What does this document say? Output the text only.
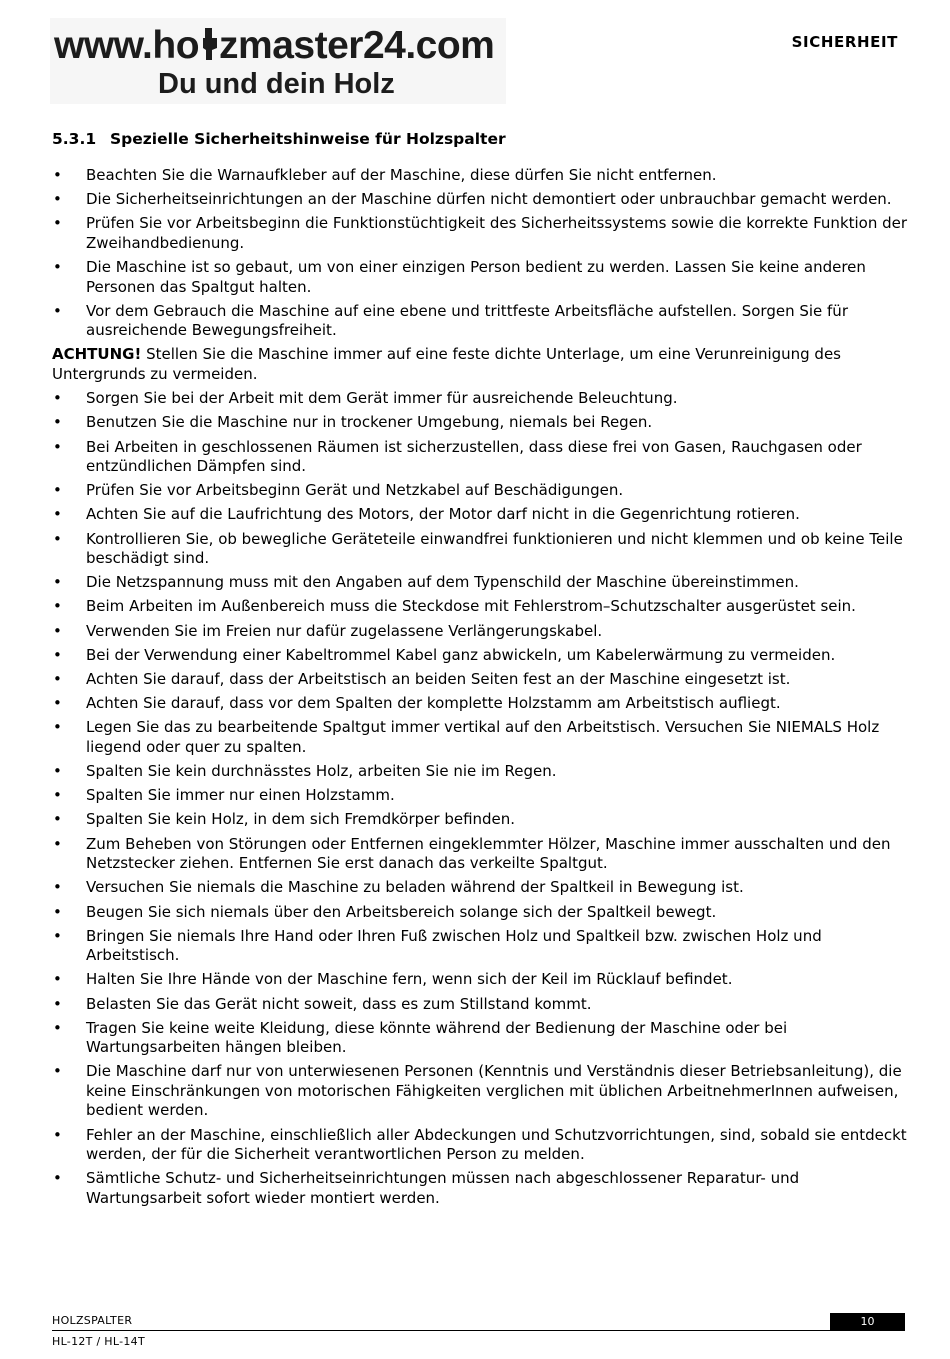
www.ho zmaster24.com
Du und dein Holz
SICHERHEIT
5.3.1 Spezielle Sicherheitshinweise für Holzspalter
• Beachten Sie die Warnaufkleber auf der Maschine, diese dürfen Sie nicht entfernen.
• Die Sicherheitseinrichtungen an der Maschine dürfen nicht demontiert oder unbrauchbar gemacht werden.
• Prüfen Sie vor Arbeitsbeginn die Funktionstüchtigkeit des Sicherheitssystems sowie die korrekte Funktion der Zweihandbedienung.
• Die Maschine ist so gebaut, um von einer einzigen Person bedient zu werden. Lassen Sie keine anderen Personen das Spaltgut halten.
• Vor dem Gebrauch die Maschine auf eine ebene und trittfeste Arbeitsfläche aufstellen. Sorgen Sie für ausreichende Bewegungsfreiheit.

ACHTUNG! Stellen Sie die Maschine immer auf eine feste dichte Unterlage, um eine Verunreinigung des Untergrunds zu vermeiden.

• Sorgen Sie bei der Arbeit mit dem Gerät immer für ausreichende Beleuchtung.
• Benutzen Sie die Maschine nur in trockener Umgebung, niemals bei Regen.
• Bei Arbeiten in geschlossenen Räumen ist sicherzustellen, dass diese frei von Gasen, Rauchgasen oder entzündlichen Dämpfen sind.
• Prüfen Sie vor Arbeitsbeginn Gerät und Netzkabel auf Beschädigungen.
• Achten Sie auf die Laufrichtung des Motors, der Motor darf nicht in die Gegenrichtung rotieren.
• Kontrollieren Sie, ob bewegliche Geräteteile einwandfrei funktionieren und nicht klemmen und ob keine Teile beschädigt sind.
• Die Netzspannung muss mit den Angaben auf dem Typenschild der Maschine übereinstimmen.
• Beim Arbeiten im Außenbereich muss die Steckdose mit Fehlerstrom–Schutzschalter ausgerüstet sein.
• Verwenden Sie im Freien nur dafür zugelassene Verlängerungskabel.
• Bei der Verwendung einer Kabeltrommel Kabel ganz abwickeln, um Kabelerwärmung zu vermeiden.
• Achten Sie darauf, dass der Arbeitstisch an beiden Seiten fest an der Maschine eingesetzt ist.
• Achten Sie darauf, dass vor dem Spalten der komplette Holzstamm am Arbeitstisch aufliegt.
• Legen Sie das zu bearbeitende Spaltgut immer vertikal auf den Arbeitstisch. Versuchen Sie NIEMALS Holz liegend oder quer zu spalten.
• Spalten Sie kein durchnässtes Holz, arbeiten Sie nie im Regen.
• Spalten Sie immer nur einen Holzstamm.
• Spalten Sie kein Holz, in dem sich Fremdkörper befinden.
• Zum Beheben von Störungen oder Entfernen eingeklemmter Hölzer, Maschine immer ausschalten und den Netzstecker ziehen. Entfernen Sie erst danach das verkeilte Spaltgut.
• Versuchen Sie niemals die Maschine zu beladen während der Spaltkeil in Bewegung ist.
• Beugen Sie sich niemals über den Arbeitsbereich solange sich der Spaltkeil bewegt.
• Bringen Sie niemals Ihre Hand oder Ihren Fuß zwischen Holz und Spaltkeil bzw. zwischen Holz und Arbeitstisch.
• Halten Sie Ihre Hände von der Maschine fern, wenn sich der Keil im Rücklauf befindet.
• Belasten Sie das Gerät nicht soweit, dass es zum Stillstand kommt.
• Tragen Sie keine weite Kleidung, diese könnte während der Bedienung der Maschine oder bei Wartungsarbeiten hängen bleiben.
• Die Maschine darf nur von unterwiesenen Personen (Kenntnis und Verständnis dieser Betriebsanleitung), die keine Einschränkungen von motorischen Fähigkeiten verglichen mit üblichen ArbeitnehmerInnen aufweisen, bedient werden.
• Fehler an der Maschine, einschließlich aller Abdeckungen und Schutzvorrichtungen, sind, sobald sie entdeckt werden, der für die Sicherheit verantwortlichen Person zu melden.
• Sämtliche Schutz- und Sicherheitseinrichtungen müssen nach abgeschlossener Reparatur- und Wartungsarbeit sofort wieder montiert werden.
HOLZSPALTER	10
HL-12T / HL-14T
